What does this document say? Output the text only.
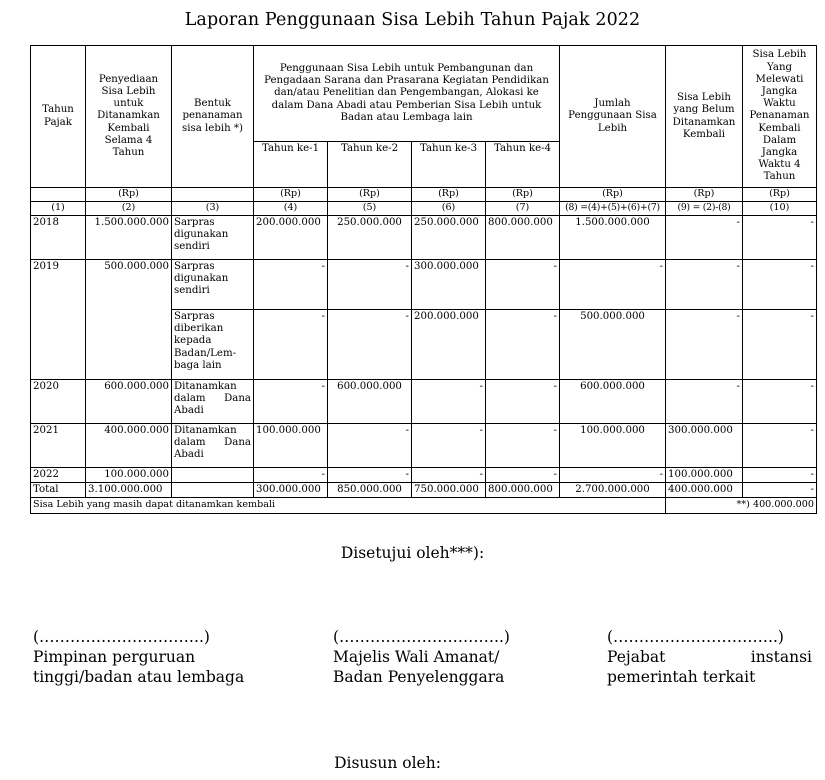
Laporan Penggunaan Sisa Lebih Tahun Pajak 2022
Tahun Pajak	Penyediaan Sisa Lebih untuk Ditanamkan Kembali Selama 4 Tahun	Bentuk penanaman sisa lebih *)	Penggunaan Sisa Lebih untuk Pembangunan dan Pengadaan Sarana dan Prasarana Kegiatan Pendidikan dan/atau Penelitian dan Pengembangan, Alokasi ke dalam Dana Abadi atau Pemberian Sisa Lebih untuk Badan atau Lembaga lain				Jumlah Penggunaan Sisa Lebih	Sisa Lebih yang Belum Ditanamkan Kembali	Sisa Lebih Yang Melewati Jangka Waktu Penanaman Kembali Dalam Jangka Waktu 4 Tahun
			Tahun ke-1	Tahun ke-2	Tahun ke-3	Tahun ke-4			
	(Rp)		(Rp)	(Rp)	(Rp)	(Rp)	(Rp)	(Rp)	(Rp)
(1)	(2)	(3)	(4)	(5)	(6)	(7)	(8) =(4)+(5)+(6)+(7)	(9) = (2)-(8)	(10)
2018	1.500.000.000	Sarpras digunakan sendiri	200.000.000	250.000.000	250.000.000	800.000.000	1.500.000.000	-	-
2019	500.000.000	Sarpras digunakan sendiri	-	-	300.000.000	-	-	-	-
		Sarpras diberikan kepada Badan/Lem-baga lain	-	-	200.000.000	-	500.000.000	-	-
2020	600.000.000	Ditanamkan dalam Dana Abadi	-	600.000.000	-	-	600.000.000	-	-
2021	400.000.000	Ditanamkan dalam Dana Abadi	100.000.000	-	-	-	100.000.000	300.000.000	-
2022	100.000.000		-	-	-	-	-	100.000.000	-
Total	3.100.000.000		300.000.000	850.000.000	750.000.000	800.000.000	2.700.000.000	400.000.000	-
Sisa Lebih yang masih dapat ditanamkan kembali								**) 400.000.000	
Disetujui oleh***):
(…………………………..)
Pimpinan perguruan
tinggi/badan atau lembaga
(…………………………..)
Majelis Wali Amanat/
Badan Penyelenggara
(…………………………..)
Pejabat instansi
pemerintah terkait
Disusun oleh:
